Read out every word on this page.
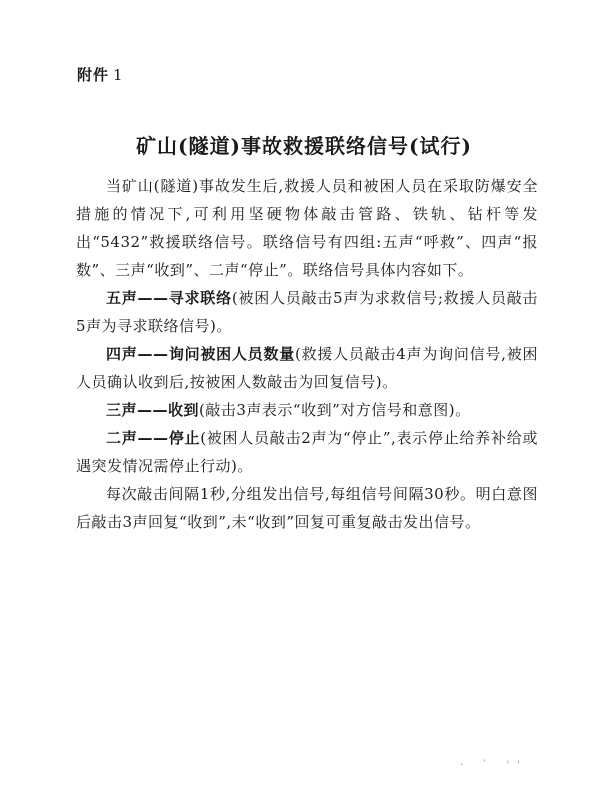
附件 1
矿山(隧道)事故救援联络信号(试行)

当矿山(隧道)事故发生后,救援人员和被困人员在采取防爆安全措施的情况下,可利用坚硬物体敲击管路、铁轨、钻杆等发出“5432”救援联络信号。联络信号有四组:五声“呼救”、四声“报数”、三声“收到”、二声“停止”。联络信号具体内容如下。

五声——寻求联络(被困人员敲击5声为求救信号;救援人员敲击5声为寻求联络信号)。

四声——询问被困人员数量(救援人员敲击4声为询问信号,被困人员确认收到后,按被困人数敲击为回复信号)。

三声——收到(敲击3声表示“收到”对方信号和意图)。

二声——停止(被困人员敲击2声为“停止”,表示停止给养补给或遇突发情况需停止行动)。

每次敲击间隔1秒,分组发出信号,每组信号间隔30秒。明白意图后敲击3声回复“收到”,未“收到”回复可重复敲击发出信号。

· ` ''
